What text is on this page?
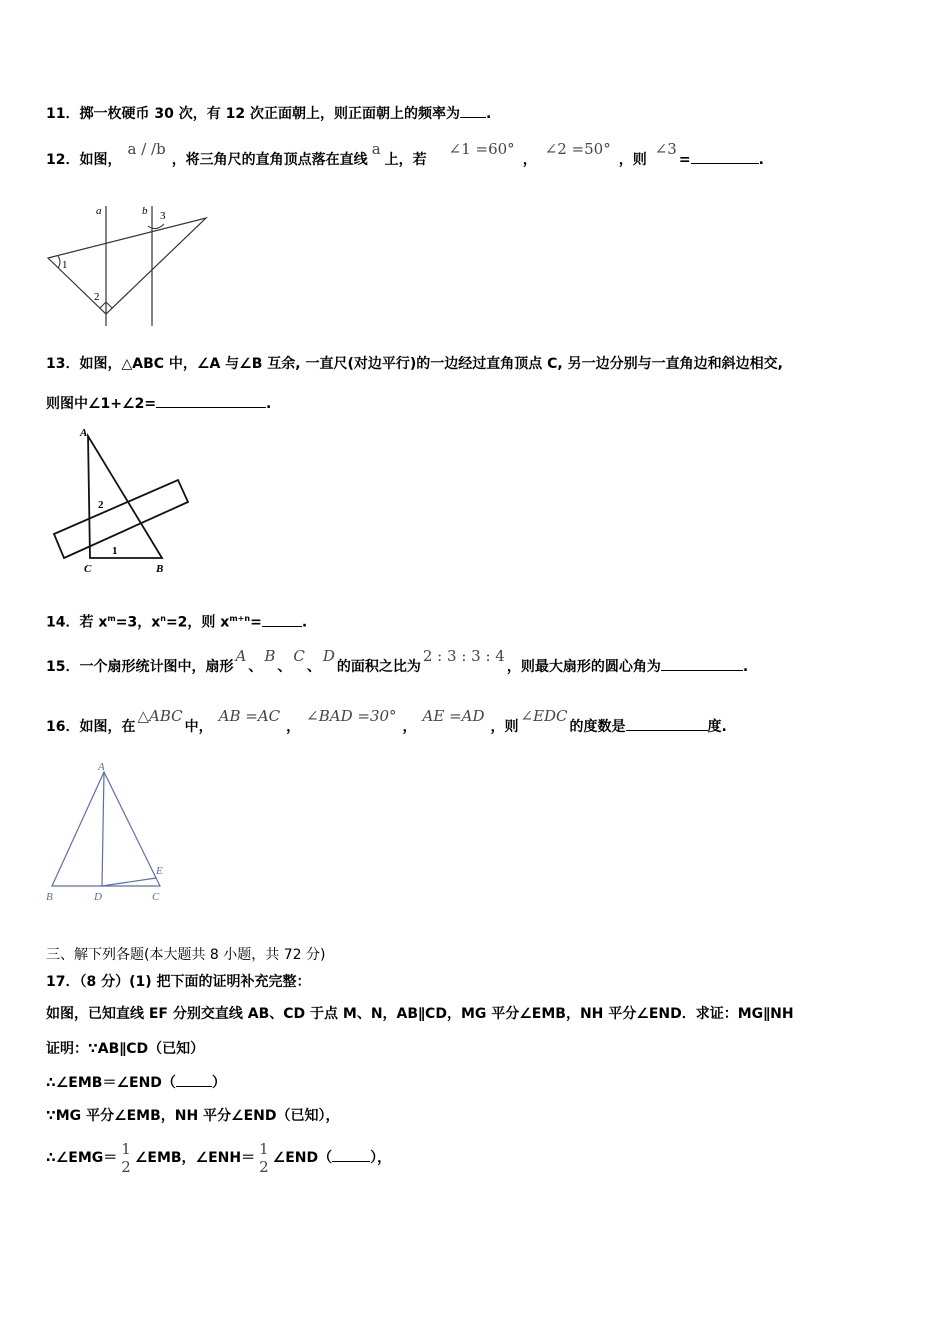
11．掷一枚硬币 30 次，有 12 次正面朝上，则正面朝上的频率为 .
12．如图，a / /b，将三角尺的直角顶点落在直线a上，若∠1 =60°，∠2 =50°，则∠3=	.
a	b 3
1
2
13．如图，△ABC 中，∠A 与∠B 互余, 一直尺(对边平行)的一边经过直角顶点 C, 另一边分别与一直角边和斜边相交,
则图中∠1+∠2=	.
A
C	B
2
1
14．若 $x^m=3$，$x^n=2$，则 $x^{m+n}=$	.
15．一个扇形统计图中，扇形A、B、C、D的面积之比为2 : 3 : 3 : 4，则最大扇形的圆心角为	.
16．如图，在△ABC中，AB =AC，∠BAD =30°，AE =AD，则∠EDC的度数是	度.
A
B	D	C
E
三、解下列各题(本大题共 8 小题，共 72 分)
17．（8 分）(1) 把下面的证明补充完整：
如图，已知直线 EF 分别交直线 AB、CD 于点 M、N，AB∥CD，MG 平分∠EMB，NH 平分∠END．求证：MG∥NH
证明：∵AB∥CD（已知）
∴∠EMB＝∠END（	）
∵MG 平分∠EMB，NH 平分∠END（已知），
∴∠EMG＝ 1
2 ∠EMB，∠ENH＝ 1
2 ∠END（	），
